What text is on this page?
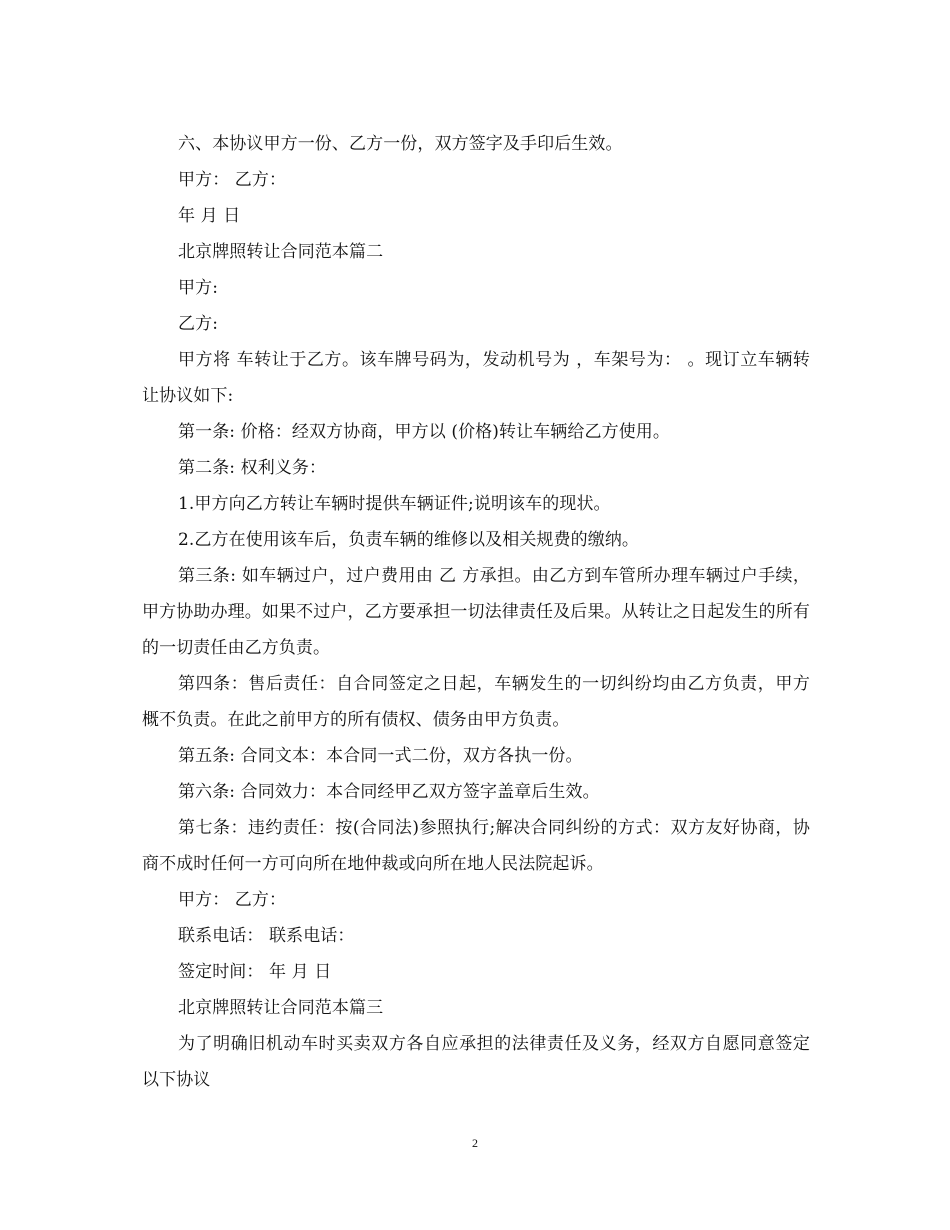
六、本协议甲方一份、乙方一份，双方签字及手印后生效。

甲方： 乙方：

年 月 日

北京牌照转让合同范本篇二

甲方:

乙方:

甲方将 车转让于乙方。该车牌号码为，发动机号为 ，车架号为： 。现订立车辆转让协议如下:

第一条: 价格：经双方协商，甲方以 (价格)转让车辆给乙方使用。

第二条: 权利义务：

1.甲方向乙方转让车辆时提供车辆证件;说明该车的现状。

2.乙方在使用该车后，负责车辆的维修以及相关规费的缴纳。

第三条: 如车辆过户，过户费用由 乙 方承担。由乙方到车管所办理车辆过户手续，甲方协助办理。如果不过户，乙方要承担一切法律责任及后果。从转让之日起发生的所有的一切责任由乙方负责。

第四条：售后责任：自合同签定之日起，车辆发生的一切纠纷均由乙方负责，甲方概不负责。在此之前甲方的所有债权、债务由甲方负责。

第五条: 合同文本：本合同一式二份，双方各执一份。

第六条: 合同效力：本合同经甲乙双方签字盖章后生效。

第七条：违约责任：按(合同法)参照执行;解决合同纠纷的方式：双方友好协商，协商不成时任何一方可向所在地仲裁或向所在地人民法院起诉。

甲方： 乙方：

联系电话： 联系电话：

签定时间： 年 月 日

北京牌照转让合同范本篇三

为了明确旧机动车时买卖双方各自应承担的法律责任及义务，经双方自愿同意签定以下协议

2
